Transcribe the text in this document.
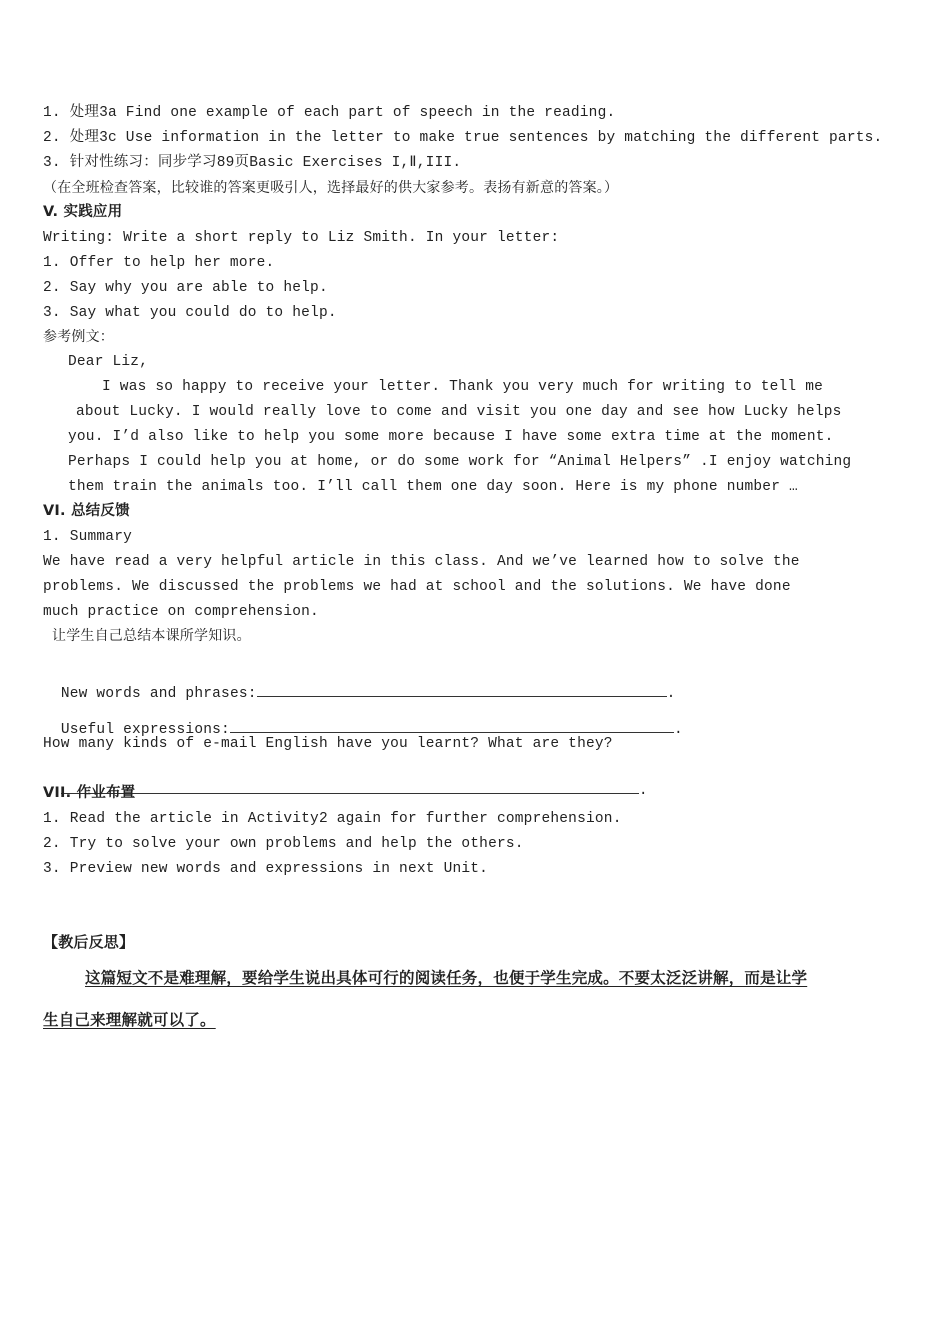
1. 处理3a Find one example of each part of speech in the reading.
2. 处理3c Use information in the letter to make true sentences by matching the different parts.
3. 针对性练习：同步学习89页Basic Exercises I,Ⅱ,III.
（在全班检查答案，比较谁的答案更吸引人，选择最好的供大家参考。表扬有新意的答案。）
V. 实践应用
Writing: Write a short reply to Liz Smith. In your letter:
1. Offer to help her more.
2. Say why you are able to help.
3. Say what you could do to help.
参考例文：
Dear Liz,
I was so happy to receive your letter. Thank you very much for writing to tell me
about Lucky. I would really love to come and visit you one day and see how Lucky helps
you. I’d also like to help you some more because I have some extra time at the moment.
Perhaps I could help you at home, or do some work for “Animal Helpers” .I enjoy watching
them train the animals too. I’ll call them one day soon. Here is my phone number …
VI. 总结反馈
1. Summary
We have read a very helpful article in this class. And we’ve learned how to solve the
problems. We discussed the problems we had at school and the solutions. We have done
much practice on comprehension.
让学生自己总结本课所学知识。

New words and phrases:	.

Useful expressions:	.

How many kinds of e-mail English have you learnt? What are they?

.

VII. 作业布置
1. Read the article in Activity2 again for further comprehension.
2. Try to solve your own problems and help the others.
3. Preview new words and expressions in next Unit.
【教后反思】
这篇短文不是难理解，要给学生说出具体可行的阅读任务，也便于学生完成。不要太泛泛讲解，而是让学
生自己来理解就可以了。
